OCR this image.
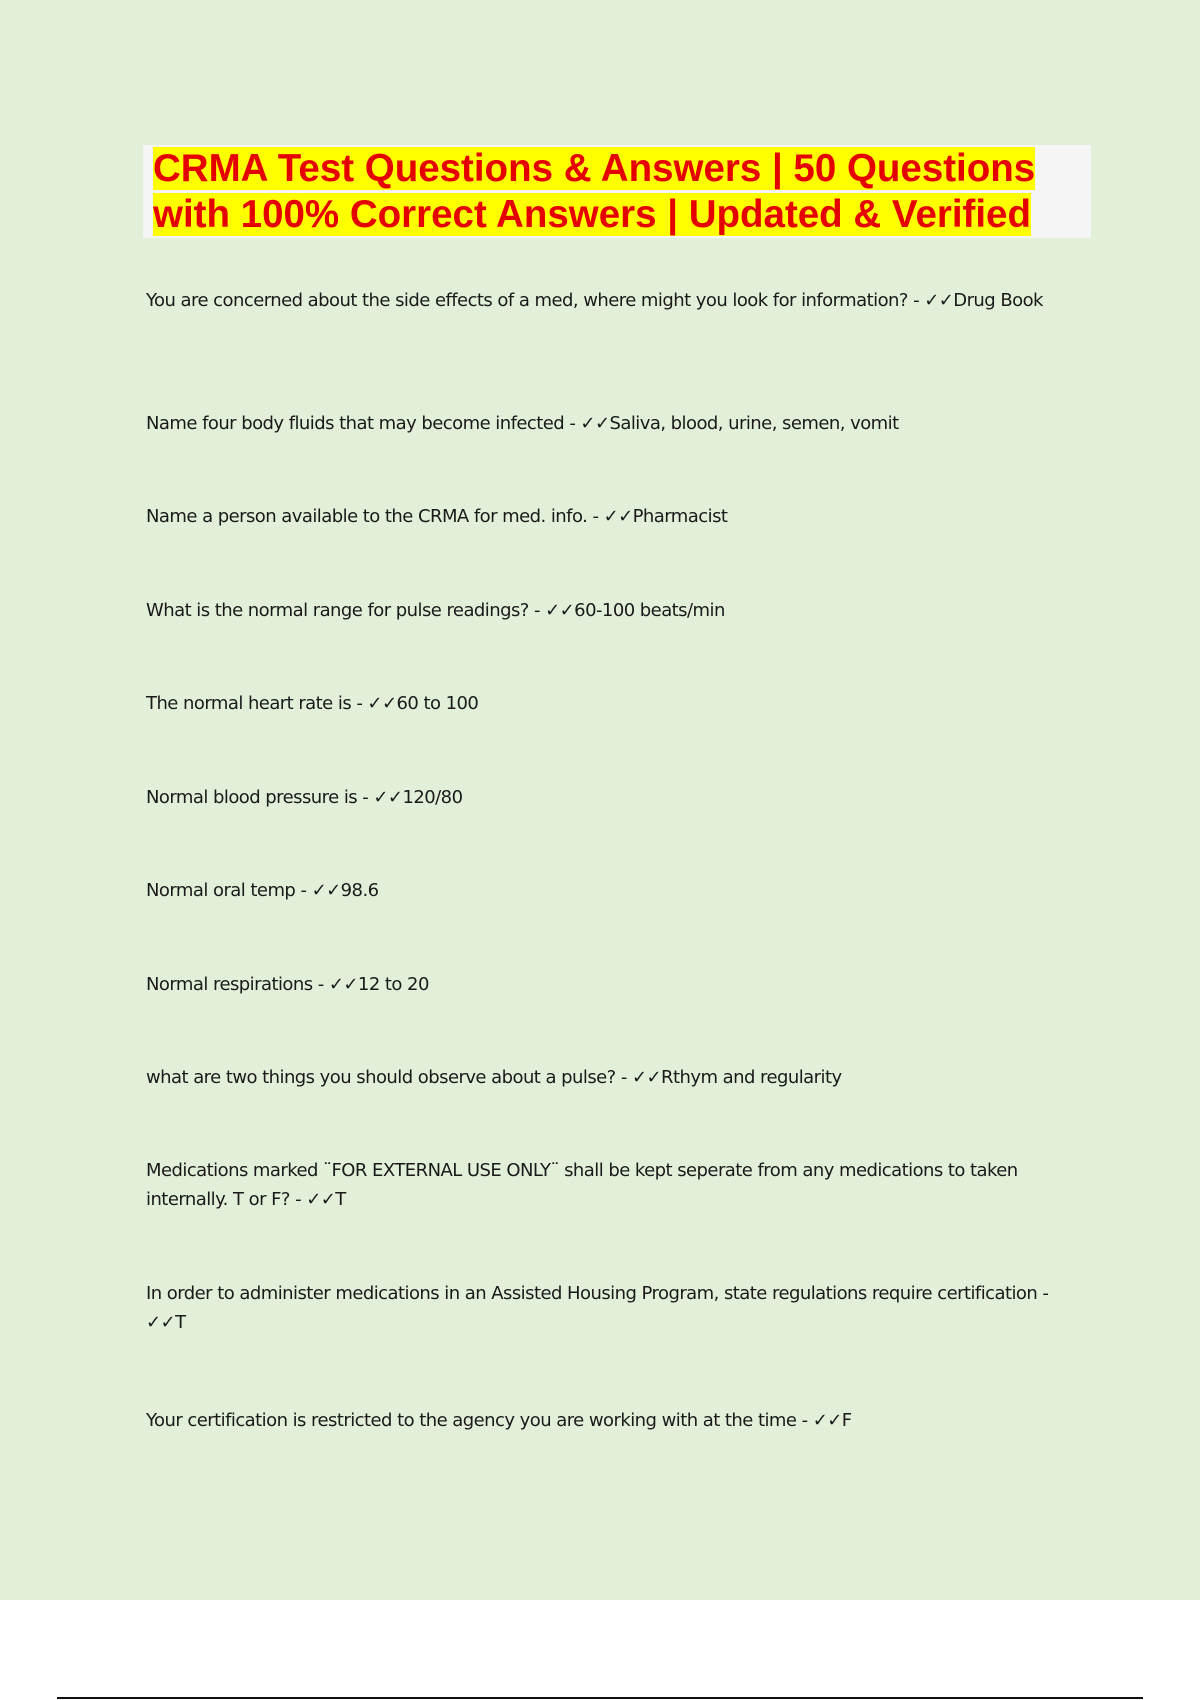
CRMA Test Questions & Answers | 50 Questions
with 100% Correct Answers | Updated & Verified

You are concerned about the side effects of a med, where might you look for information? - ✓✓Drug Book

Name four body fluids that may become infected - ✓✓Saliva, blood, urine, semen, vomit

Name a person available to the CRMA for med. info. - ✓✓Pharmacist

What is the normal range for pulse readings? - ✓✓60-100 beats/min

The normal heart rate is - ✓✓60 to 100

Normal blood pressure is - ✓✓120/80

Normal oral temp - ✓✓98.6

Normal respirations - ✓✓12 to 20

what are two things you should observe about a pulse? - ✓✓Rthym and regularity

Medications marked ¨FOR EXTERNAL USE ONLY¨ shall be kept seperate from any medications to taken internally. T or F? - ✓✓T

In order to administer medications in an Assisted Housing Program, state regulations require certification - ✓✓T

Your certification is restricted to the agency you are working with at the time - ✓✓F
